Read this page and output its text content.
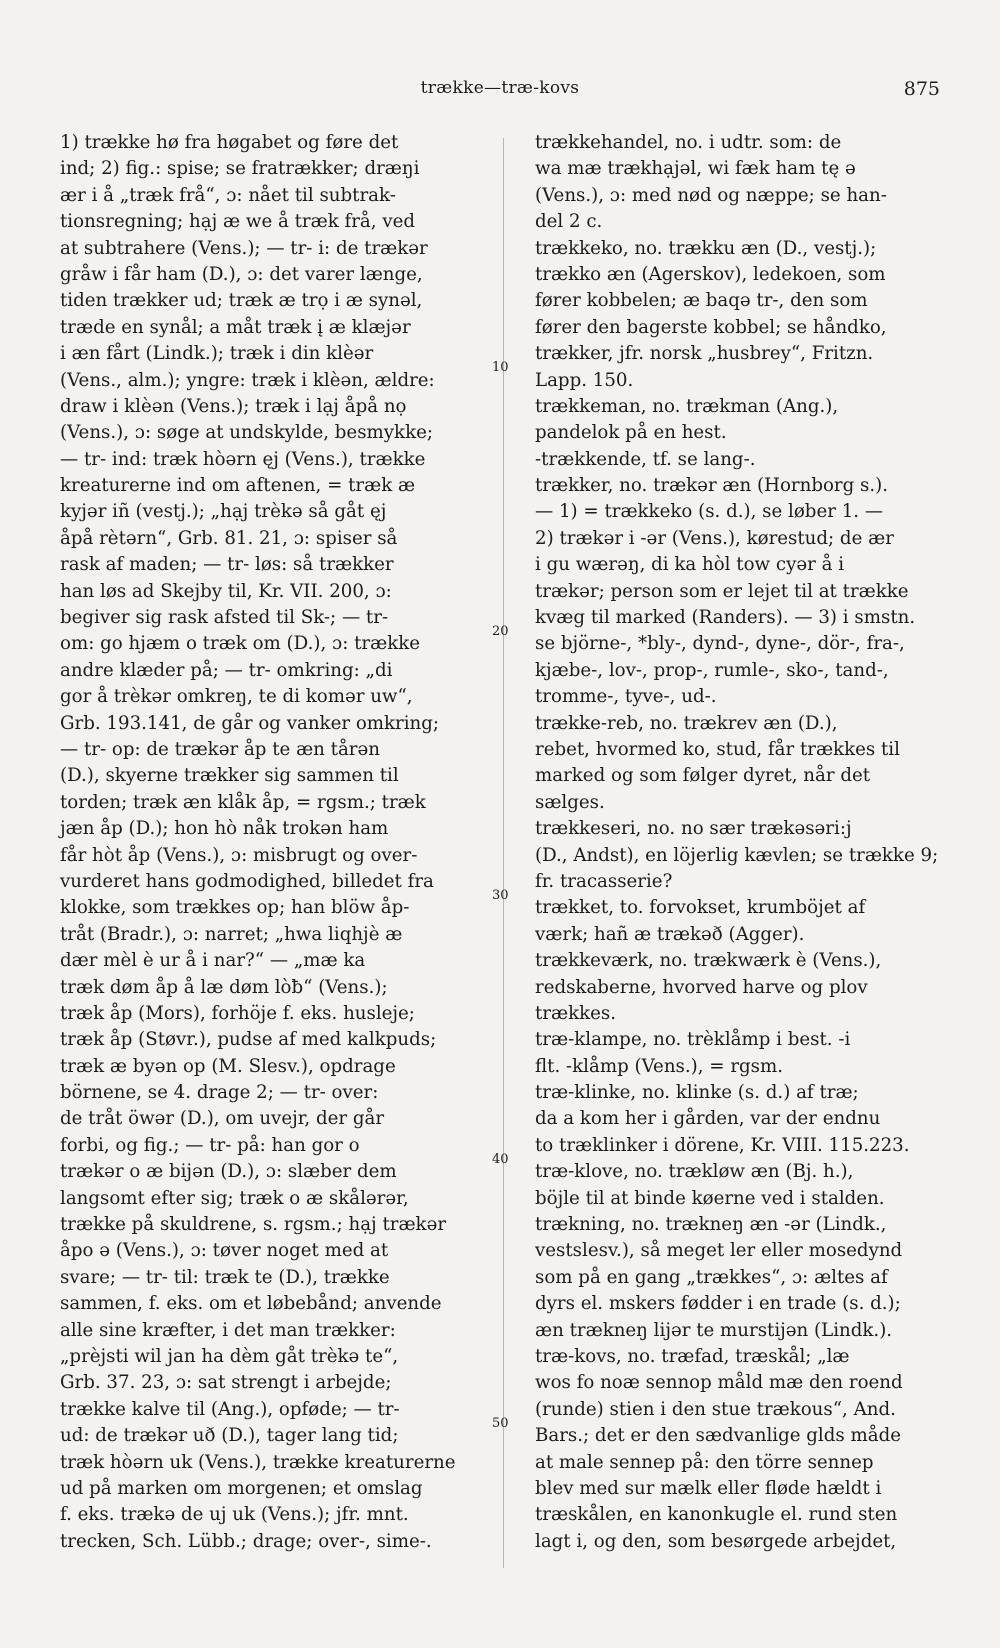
trække—træ-kovs	875
1) trække hø fra høgabet og føre det
ind; 2) fig.: spise; se fratrækker; dræŋi
ær i å „træk frå“, ɔ: nået til subtrak-
tionsregning; hạj æ we å træk frå, ved
at subtrahere (Vens.); — tr- i: de trækər
gråw i får ham (D.), ɔ: det varer længe,
tiden trækker ud; træk æ trọ i æ synəl,
træde en synål; a måt træk į æ klæjər
i æn fårt (Lindk.); træk i din klèər
(Vens., alm.); yngre: træk i klèən, ældre:
draw i klèən (Vens.); træk i lạj åpå nọ
(Vens.), ɔ: søge at undskylde, besmykke;
— tr- ind: træk hòərn ęj (Vens.), trække
kreaturerne ind om aftenen, = træk æ
kyjər iñ (vestj.); „hạj trèkə så gåt ęj
åpå rètərn“, Grb. 81. 21, ɔ: spiser så
rask af maden; — tr- løs: så trækker
han løs ad Skejby til, Kr. VII. 200, ɔ:
begiver sig rask afsted til Sk-; — tr-
om: go hjæm o træk om (D.), ɔ: trække
andre klæder på; — tr- omkring: „di
gor å trèkər omkreŋ, te di komər uw“,
Grb. 193.141, de går og vanker omkring;
— tr- op: de trækər åp te æn tårən
(D.), skyerne trækker sig sammen til
torden; træk æn klåk åp, = rgsm.; træk
jæn åp (D.); hon hò nåk trokən ham
får hòt åp (Vens.), ɔ: misbrugt og over-
vurderet hans godmodighed, billedet fra
klokke, som trækkes op; han blöw åp-
tråt (Bradr.), ɔ: narret; „hwa liqhjè æ
dær mèl è ur å i nar?“ — „mæ ka
træk døm åp å læ døm lòƀ“ (Vens.);
træk åp (Mors), forhöje f. eks. husleje;
træk åp (Støvr.), pudse af med kalkpuds;
træk æ byən op (M. Slesv.), opdrage
börnene, se 4. drage 2; — tr- over:
de tråt öwər (D.), om uvejr, der går
forbi, og fig.; — tr- på: han gor o
trækər o æ bijən (D.), ɔ: slæber dem
langsomt efter sig; træk o æ skålərər,
trække på skuldrene, s. rgsm.; hạj trækər
åpo ə (Vens.), ɔ: tøver noget med at
svare; — tr- til: træk te (D.), trække
sammen, f. eks. om et løbebånd; anvende
alle sine kræfter, i det man trækker:
„prèjsti wil jan ha dèm gåt trèkə te“,
Grb. 37. 23, ɔ: sat strengt i arbejde;
trække kalve til (Ang.), opføde; — tr-
ud: de trækər uð (D.), tager lang tid;
træk hòərn uk (Vens.), trække kreaturerne
ud på marken om morgenen; et omslag
f. eks. trækə de uj uk (Vens.); jfr. mnt.
trecken, Sch. Lübb.; drage; over-, sime-.
trækkehandel, no. i udtr. som: de
wa mæ trækhạjəl, wi fæk ham tę ə
(Vens.), ɔ: med nød og næppe; se han-
del 2 c.
trækkeko, no. trækku æn (D., vestj.);
trækko æn (Agerskov), ledekoen, som
fører kobbelen; æ baqə tr-, den som
fører den bagerste kobbel; se håndko,
trækker, jfr. norsk „husbrey“, Fritzn.
Lapp. 150.
trækkeman, no. trækman (Ang.),
pandelok på en hest.
-trækkende, tf. se lang-.
trækker, no. trækər æn (Hornborg s.).
— 1) = trækkeko (s. d.), se løber 1. —
2) trækər i -ər (Vens.), kørestud; de ær
i gu wærəŋ, di ka hòl tow cyər å i
trækər; person som er lejet til at trække
kvæg til marked (Randers). — 3) i smstn.
se björne-, *bly-, dynd-, dyne-, dör-, fra-,
kjæbe-, lov-, prop-, rumle-, sko-, tand-,
tromme-, tyve-, ud-.
trække-reb, no. trækrev æn (D.),
rebet, hvormed ko, stud, får trækkes til
marked og som følger dyret, når det
sælges.
trækkeseri, no. no sær trækəsəri:j
(D., Andst), en löjerlig kævlen; se trække 9;
fr. tracasserie?
trækket, to. forvokset, krumböjet af
værk; hañ æ trækəð (Agger).
trækkeværk, no. trækwærk è (Vens.),
redskaberne, hvorved harve og plov
trækkes.
træ-klampe, no. trèklåmp i best. -i
flt. -klåmp (Vens.), = rgsm.
træ-klinke, no. klinke (s. d.) af træ;
da a kom her i gården, var der endnu
to træklinker i dörene, Kr. VIII. 115.223.
træ-klove, no. trækløw æn (Bj. h.),
böjle til at binde køerne ved i stalden.
trækning, no. trækneŋ æn -ər (Lindk.,
vestslesv.), så meget ler eller mosedynd
som på en gang „trækkes“, ɔ: æltes af
dyrs el. mskers fødder i en trade (s. d.);
æn trækneŋ lijər te murstijən (Lindk.).
træ-kovs, no. træfad, træskål; „læ
wos fo noæ sennop måld mæ den roend
(runde) stien i den stue trækous“, And.
Bars.; det er den sædvanlige glds måde
at male sennep på: den törre sennep
blev med sur mælk eller fløde hældt i
træskålen, en kanonkugle el. rund sten
lagt i, og den, som besørgede arbejdet,
10
20
30
40
50
